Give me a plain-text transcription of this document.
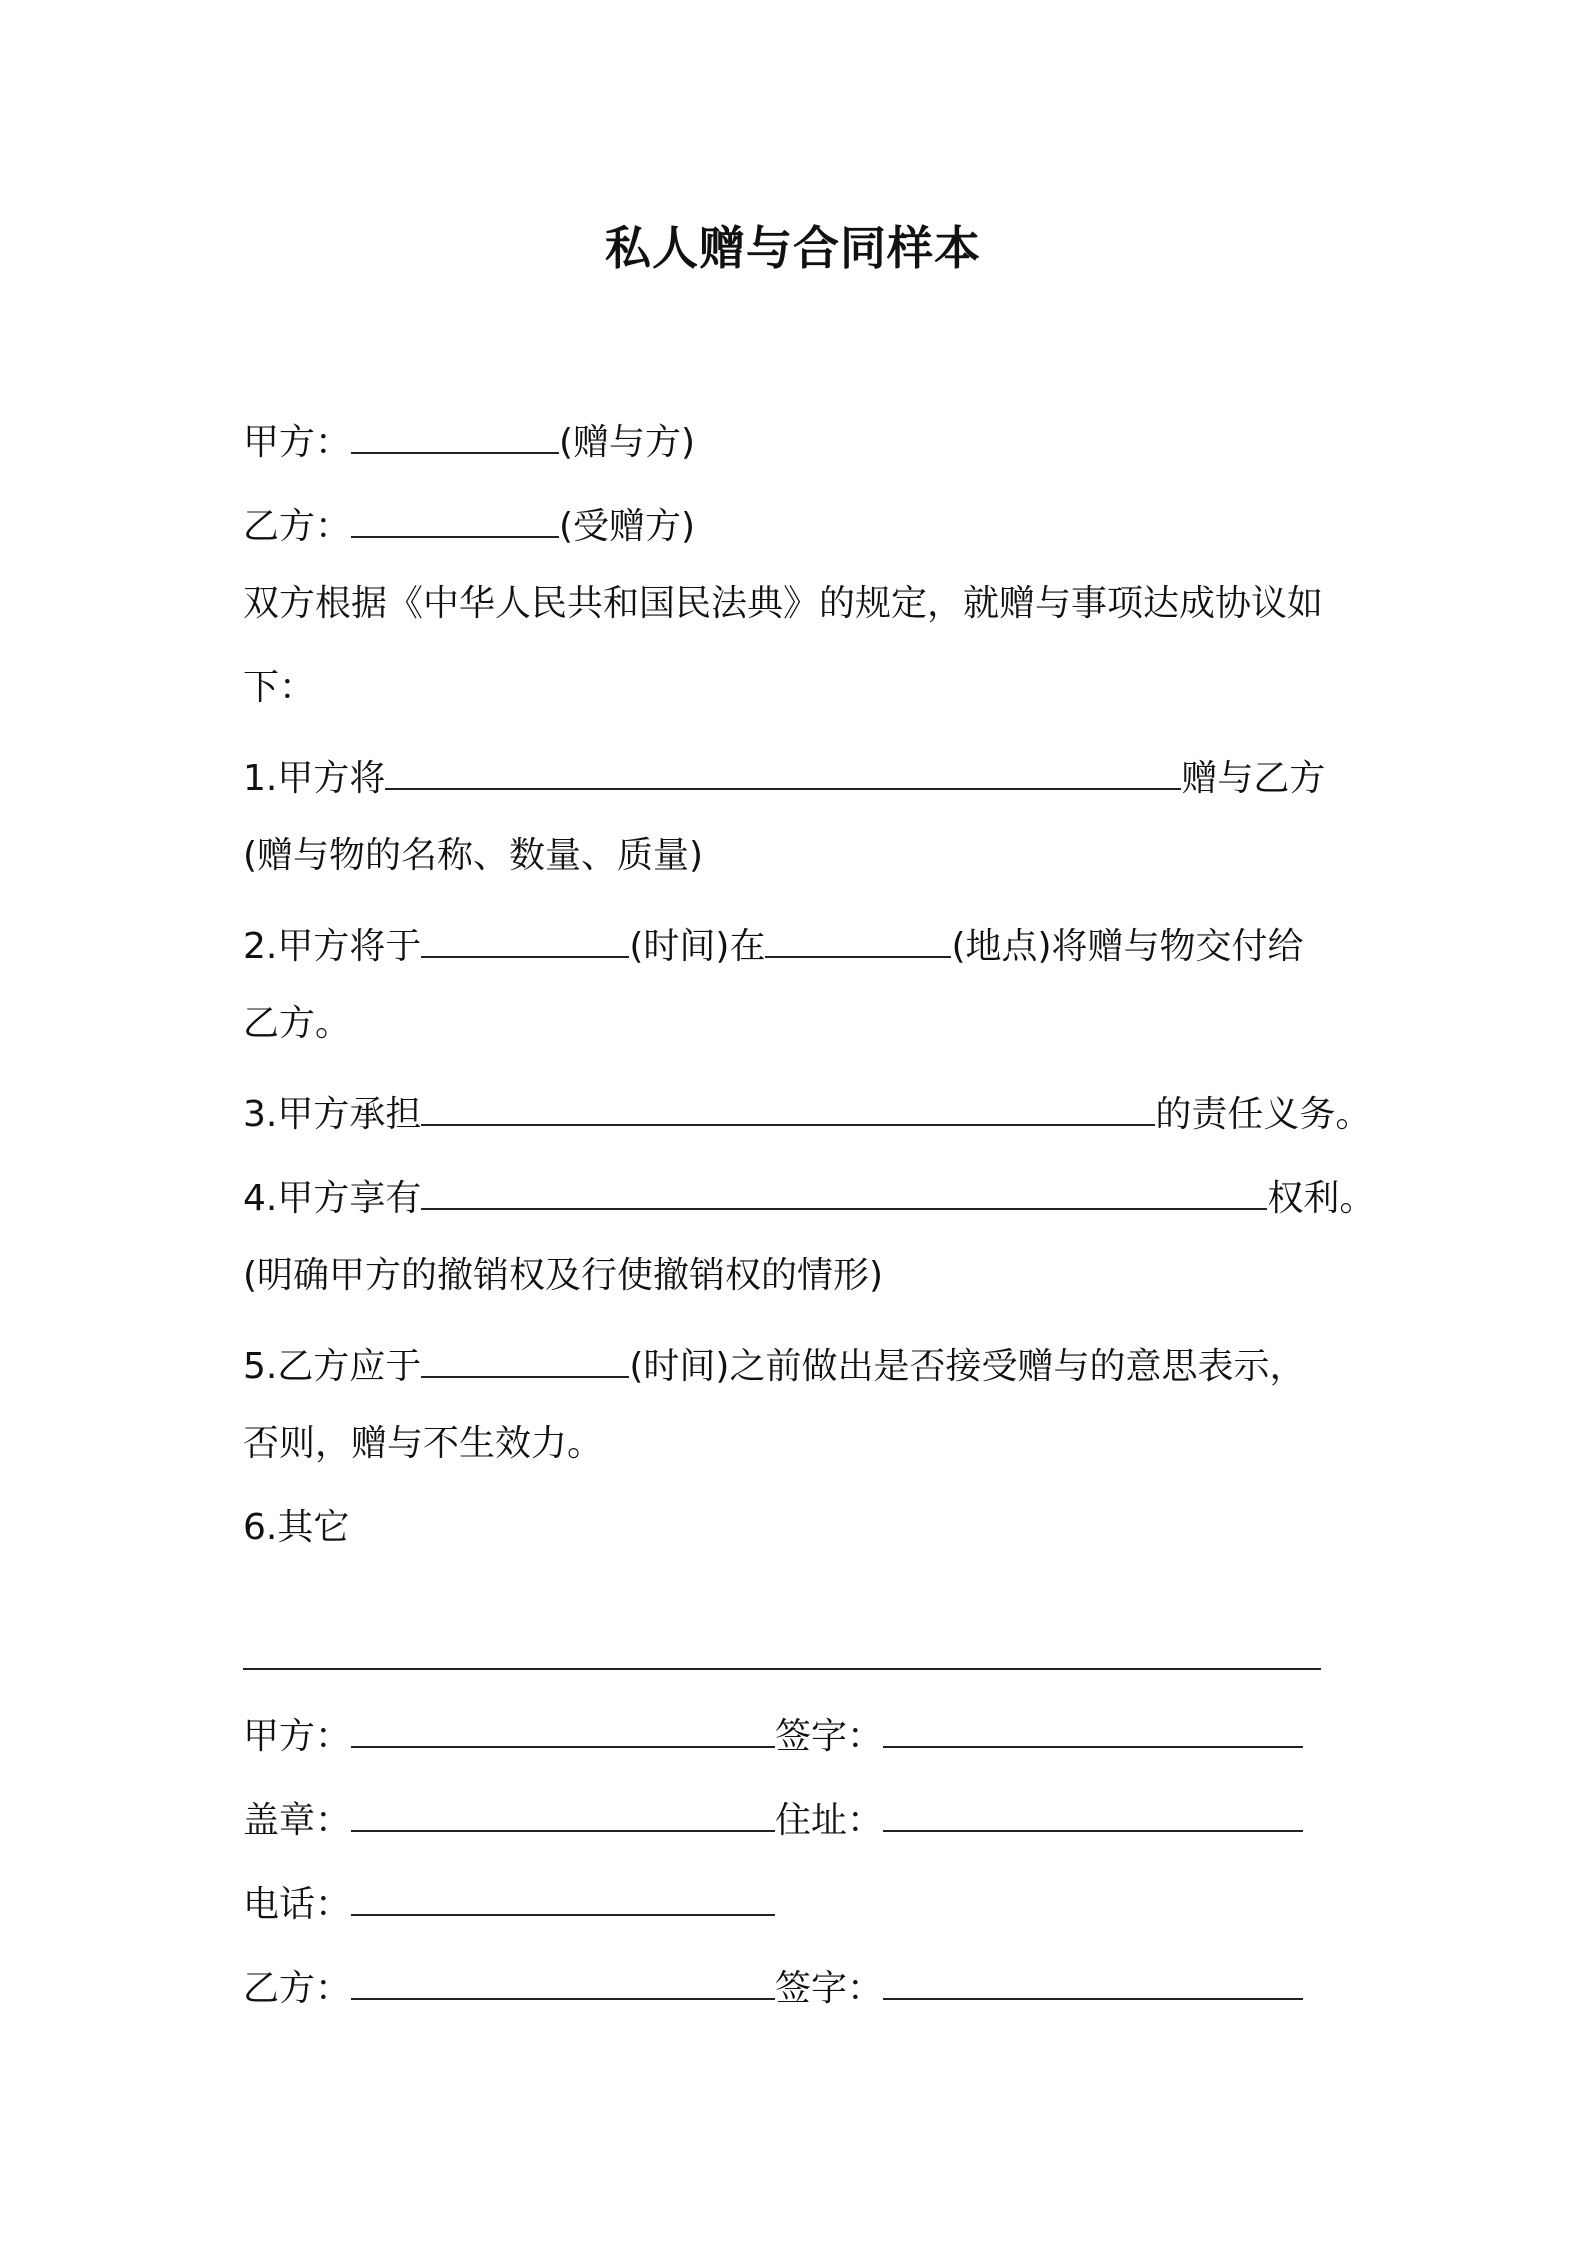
私人赠与合同样本
甲方：	(赠与方)
乙方：	(受赠方)
双方根据《中华人民共和国民法典》的规定，就赠与事项达成协议如
下：
1.甲方将	赠与乙方
(赠与物的名称、数量、质量)
2.甲方将于	(时间)在	(地点)将赠与物交付给
乙方。
3.甲方承担	的责任义务。
4.甲方享有	权利。
(明确甲方的撤销权及行使撤销权的情形)
5.乙方应于	(时间)之前做出是否接受赠与的意思表示，
否则，赠与不生效力。
6.其它
甲方：	签字：
盖章：	住址：
电话：
乙方：	签字：
